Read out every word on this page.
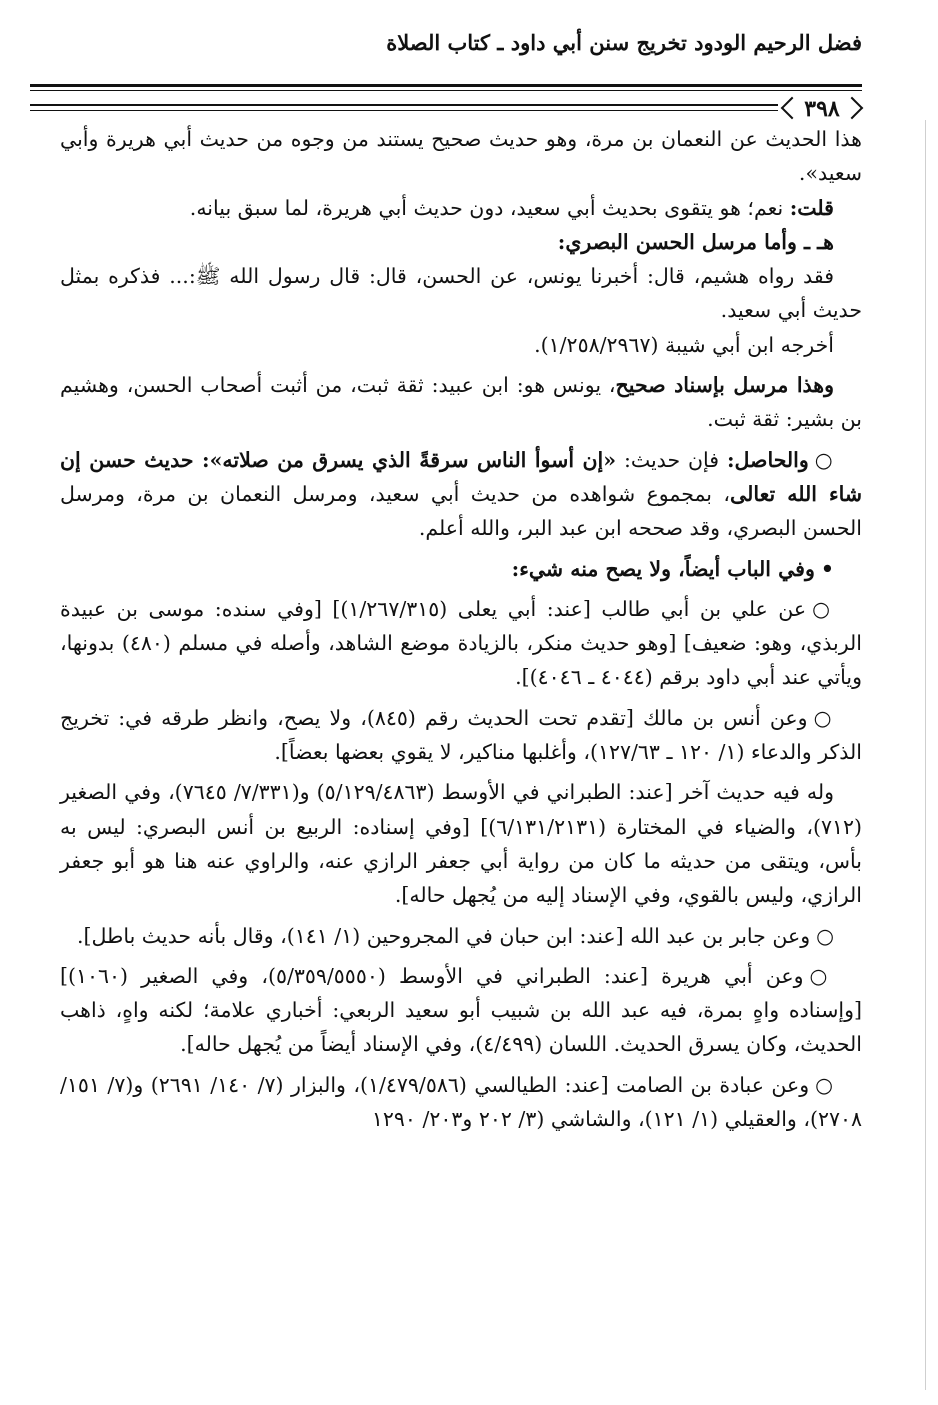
فضل الرحيم الودود تخريج سنن أبي داود ـ كتاب الصلاة
٣٩٨

هذا الحديث عن النعمان بن مرة، وهو حديث صحيح يستند من وجوه من حديث أبي هريرة وأبي سعيد».

قلت: نعم؛ هو يتقوى بحديث أبي سعيد، دون حديث أبي هريرة، لما سبق بيانه.

هـ ـ وأما مرسل الحسن البصري:

فقد رواه هشيم، قال: أخبرنا يونس، عن الحسن، قال: قال رسول الله ﷺ:... فذكره بمثل حديث أبي سعيد.

أخرجه ابن أبي شيبة (١/٢٥٨/٢٩٦٧).

وهذا مرسل بإسناد صحيح، يونس هو: ابن عبيد: ثقة ثبت، من أثبت أصحاب الحسن، وهشيم بن بشير: ثقة ثبت.

○والحاصل: فإن حديث: «إن أسوأ الناس سرقةً الذي يسرق من صلاته»: حديث حسن إن شاء الله تعالى، بمجموع شواهده من حديث أبي سعيد، ومرسل النعمان بن مرة، ومرسل الحسن البصري، وقد صححه ابن عبد البر، والله أعلم.

•وفي الباب أيضاً، ولا يصح منه شيء:

○عن علي بن أبي طالب [عند: أبي يعلى (١/٢٦٧/٣١٥)] [وفي سنده: موسى بن عبيدة الربذي، وهو: ضعيف] [وهو حديث منكر، بالزيادة موضع الشاهد، وأصله في مسلم (٤٨٠) بدونها، ويأتي عند أبي داود برقم (٤٠٤٤ ـ ٤٠٤٦)].

○وعن أنس بن مالك [تقدم تحت الحديث رقم (٨٤٥)، ولا يصح، وانظر طرقه في: تخريج الذكر والدعاء (١/ ١٢٠ ـ ١٢٧/٦٣)، وأغلبها مناكير، لا يقوي بعضها بعضاً].

وله فيه حديث آخر [عند: الطبراني في الأوسط (٥/١٢٩/٤٨٦٣) و(٧/٣٣١/ ٧٦٤٥)، وفي الصغير (٧١٢)، والضياء في المختارة (٦/١٣١/٢١٣١)] [وفي إسناده: الربيع بن أنس البصري: ليس به بأس، ويتقى من حديثه ما كان من رواية أبي جعفر الرازي عنه، والراوي عنه هنا هو أبو جعفر الرازي، وليس بالقوي، وفي الإسناد إليه من يُجهل حاله].

○وعن جابر بن عبد الله [عند: ابن حبان في المجروحين (١/ ١٤١)، وقال بأنه حديث باطل].

○وعن أبي هريرة [عند: الطبراني في الأوسط (٥/٣٥٩/٥٥٥٠)، وفي الصغير (١٠٦٠)] [وإسناده واهٍ بمرة، فيه عبد الله بن شبيب أبو سعيد الربعي: أخباري علامة؛ لكنه واهٍ، ذاهب الحديث، وكان يسرق الحديث. اللسان (٤/٤٩٩)، وفي الإسناد أيضاً من يُجهل حاله].

○وعن عبادة بن الصامت [عند: الطيالسي (١/٤٧٩/٥٨٦)، والبزار (٧/ ١٤٠/ ٢٦٩١) و(٧/ ١٥١/ ٢٧٠٨)، والعقيلي (١/ ١٢١)، والشاشي (٣/ ٢٠٢ و٢٠٣/ ١٢٩٠
